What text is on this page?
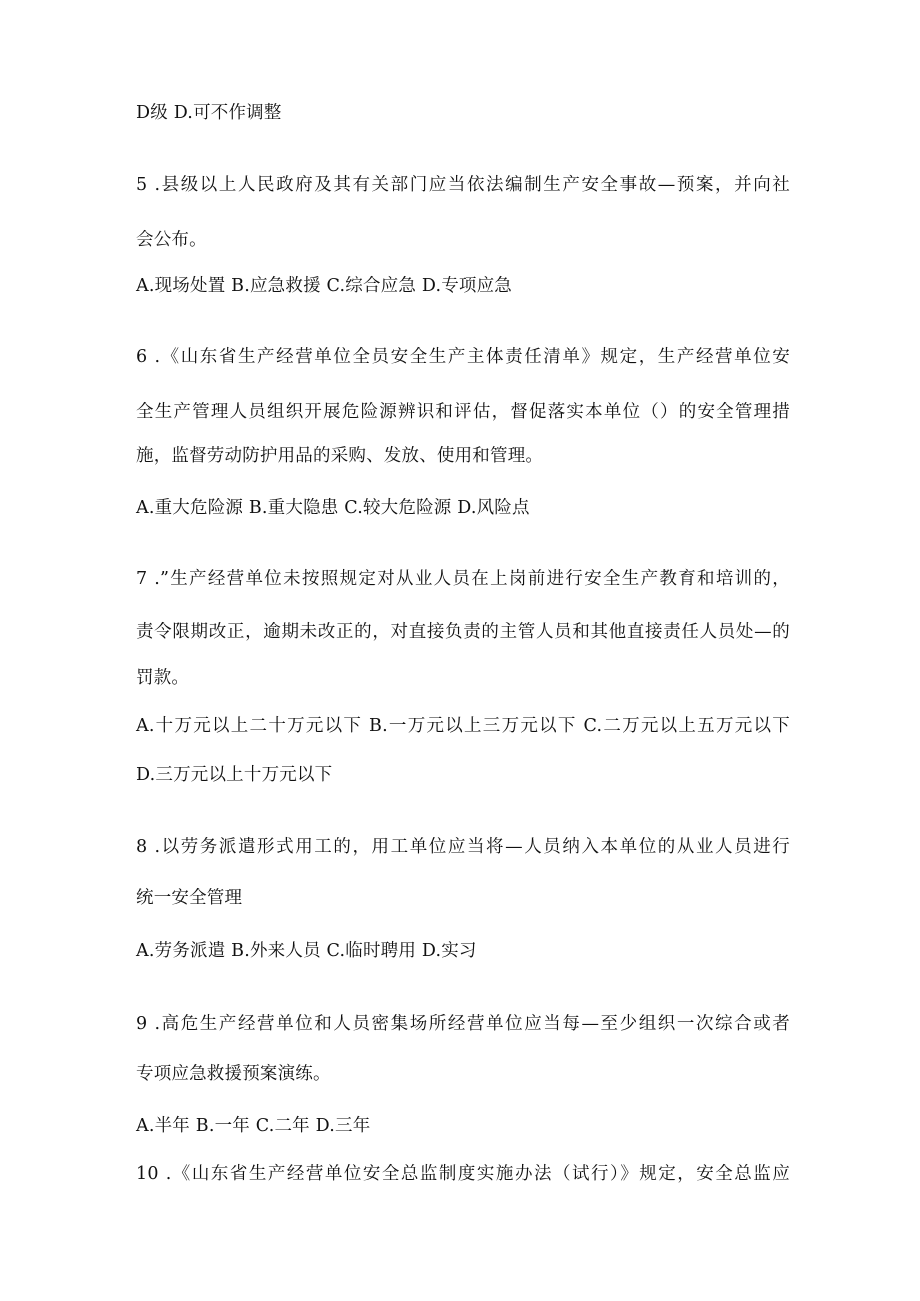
D级 D.可不作调整
5 .县级以上人民政府及其有关部门应当依法编制生产安全事故—预案，并向社
会公布。
A.现场处置 B.应急救援 C.综合应急 D.专项应急
6 .《山东省生产经营单位全员安全生产主体责任清单》规定，生产经营单位安
全生产管理人员组织开展危险源辨识和评估，督促落实本单位（）的安全管理措
施，监督劳动防护用品的采购、发放、使用和管理。
A.重大危险源 B.重大隐患 C.较大危险源 D.风险点
7 .”生产经营单位未按照规定对从业人员在上岗前进行安全生产教育和培训的，
责令限期改正，逾期未改正的，对直接负责的主管人员和其他直接责任人员处—的
罚款。
A.十万元以上二十万元以下 B.一万元以上三万元以下 C.二万元以上五万元以下
D.三万元以上十万元以下
8 .以劳务派遣形式用工的，用工单位应当将—人员纳入本单位的从业人员进行
统一安全管理
A.劳务派遣 B.外来人员 C.临时聘用 D.实习
9 .高危生产经营单位和人员密集场所经营单位应当每—至少组织一次综合或者
专项应急救援预案演练。
A.半年 B.一年 C.二年 D.三年
10 .《山东省生产经营单位安全总监制度实施办法（试行）》规定，安全总监应
